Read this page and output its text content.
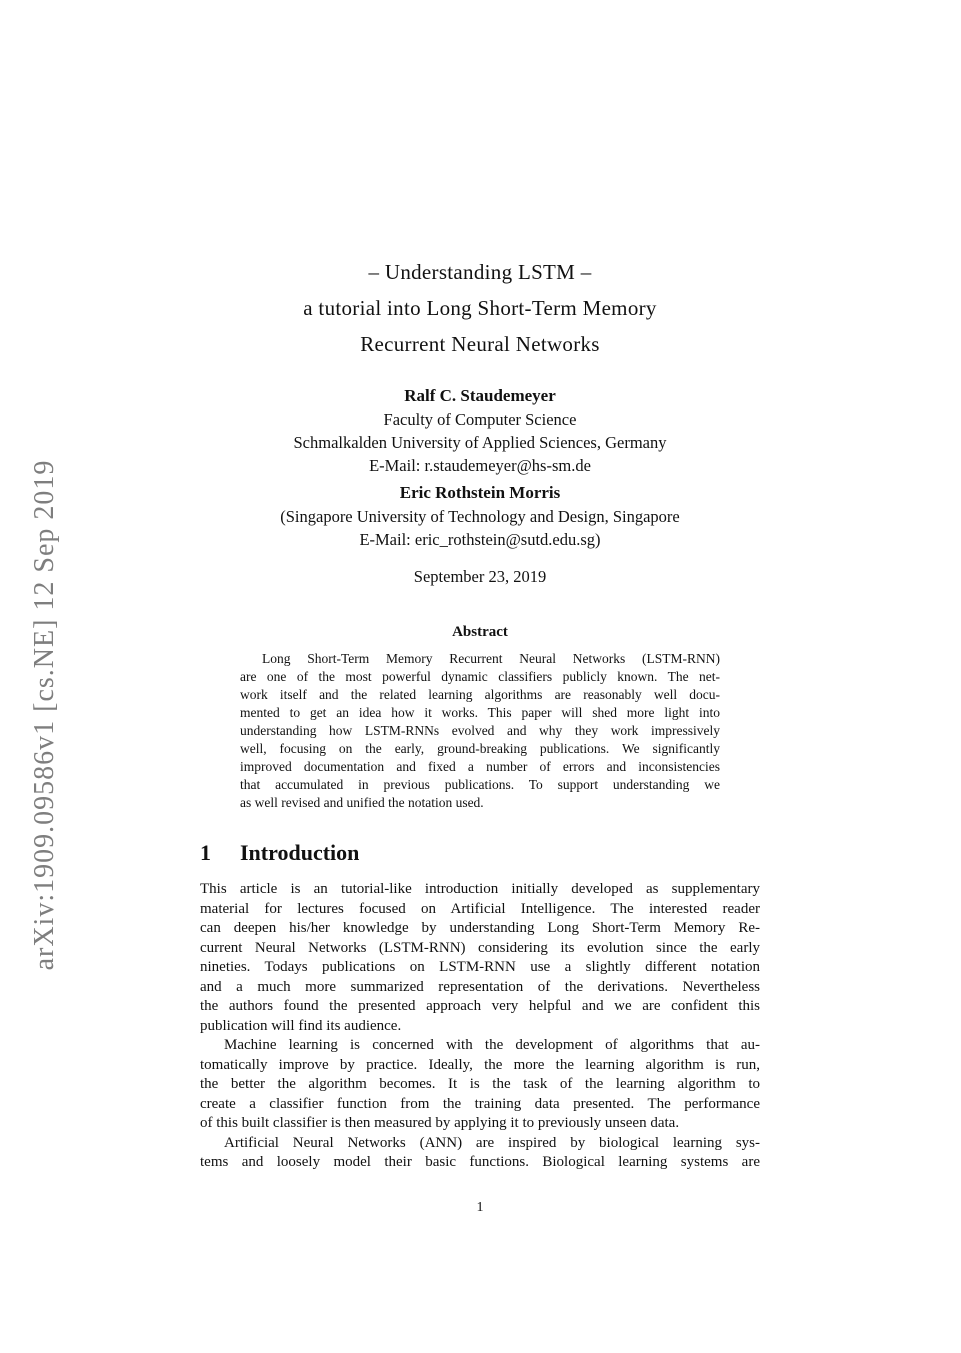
arXiv:1909.09586v1 [cs.NE] 12 Sep 2019
– Understanding LSTM –
a tutorial into Long Short-Term Memory
Recurrent Neural Networks
Ralf C. Staudemeyer
Faculty of Computer Science
Schmalkalden University of Applied Sciences, Germany
E-Mail: r.staudemeyer@hs-sm.de
Eric Rothstein Morris
(Singapore University of Technology and Design, Singapore
E-Mail: eric_rothstein@sutd.edu.sg)
September 23, 2019
Abstract
Long Short-Term Memory Recurrent Neural Networks (LSTM-RNN)
are one of the most powerful dynamic classifiers publicly known. The net-
work itself and the related learning algorithms are reasonably well docu-
mented to get an idea how it works. This paper will shed more light into
understanding how LSTM-RNNs evolved and why they work impressively
well, focusing on the early, ground-breaking publications. We significantly
improved documentation and fixed a number of errors and inconsistencies
that accumulated in previous publications. To support understanding we
as well revised and unified the notation used.
1 Introduction
This article is an tutorial-like introduction initially developed as supplementary
material for lectures focused on Artificial Intelligence. The interested reader
can deepen his/her knowledge by understanding Long Short-Term Memory Re-
current Neural Networks (LSTM-RNN) considering its evolution since the early
nineties. Todays publications on LSTM-RNN use a slightly different notation
and a much more summarized representation of the derivations. Nevertheless
the authors found the presented approach very helpful and we are confident this
publication will find its audience.
Machine learning is concerned with the development of algorithms that au-
tomatically improve by practice. Ideally, the more the learning algorithm is run,
the better the algorithm becomes. It is the task of the learning algorithm to
create a classifier function from the training data presented. The performance
of this built classifier is then measured by applying it to previously unseen data.
Artificial Neural Networks (ANN) are inspired by biological learning sys-
tems and loosely model their basic functions. Biological learning systems are
1
